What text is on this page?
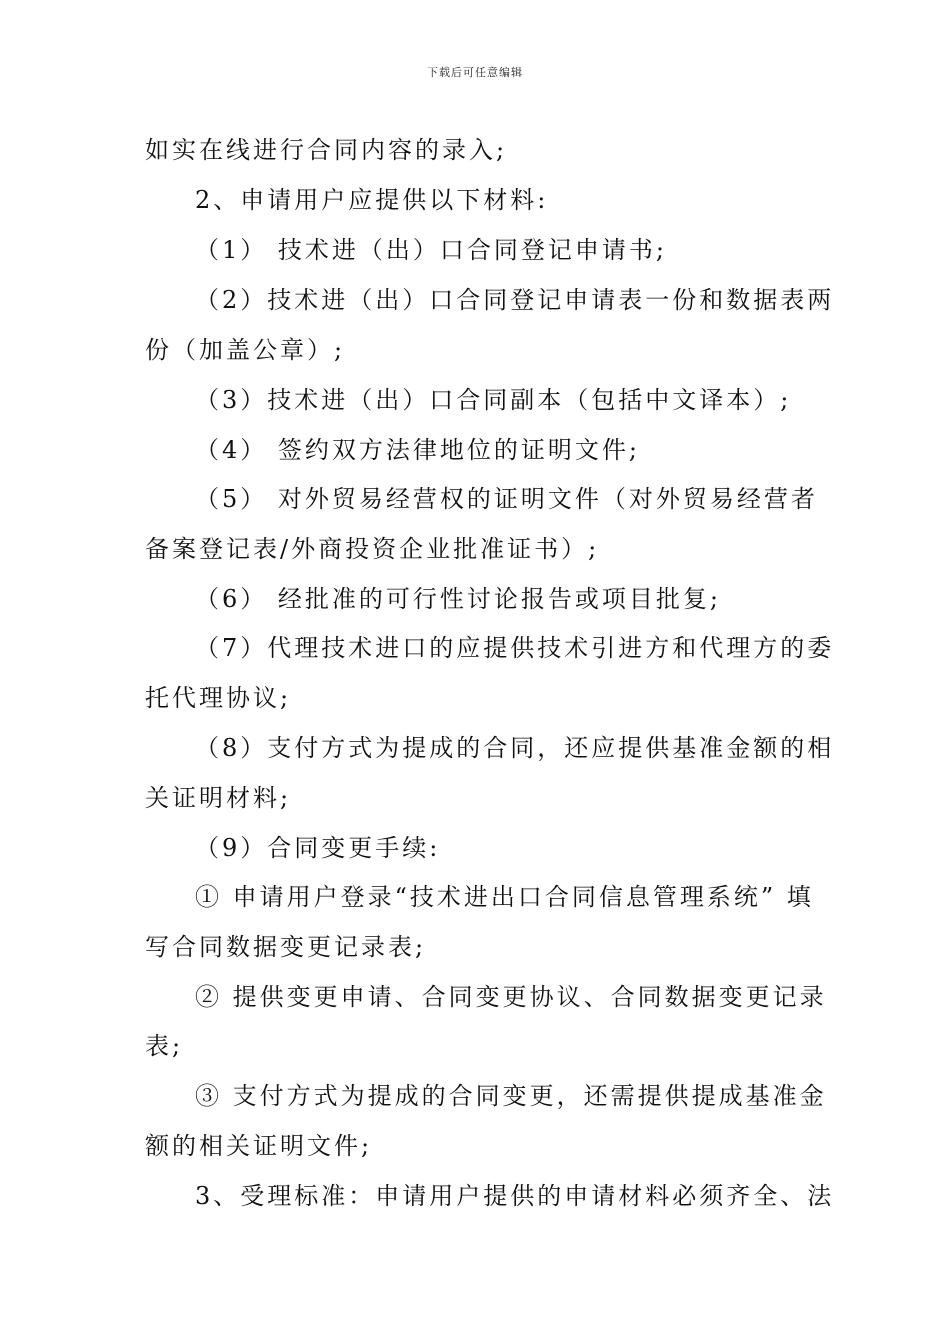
下载后可任意编辑
如实在线进行合同内容的录入;
2、申请用户应提供以下材料:
（1） 技术进（出）口合同登记申请书;
（2）技术进（出）口合同登记申请表一份和数据表两
份（加盖公章）;
（3）技术进（出）口合同副本（包括中文译本）;
（4） 签约双方法律地位的证明文件;
（5） 对外贸易经营权的证明文件（对外贸易经营者
备案登记表/外商投资企业批准证书）;
（6） 经批准的可行性讨论报告或项目批复;
（7）代理技术进口的应提供技术引进方和代理方的委
托代理协议;
（8）支付方式为提成的合同，还应提供基准金额的相
关证明材料;
（9）合同变更手续:
① 申请用户登录“技术进出口合同信息管理系统” 填
写合同数据变更记录表;
② 提供变更申请、合同变更协议、合同数据变更记录
表;
③ 支付方式为提成的合同变更，还需提供提成基准金
额的相关证明文件;
3、受理标准：申请用户提供的申请材料必须齐全、法
